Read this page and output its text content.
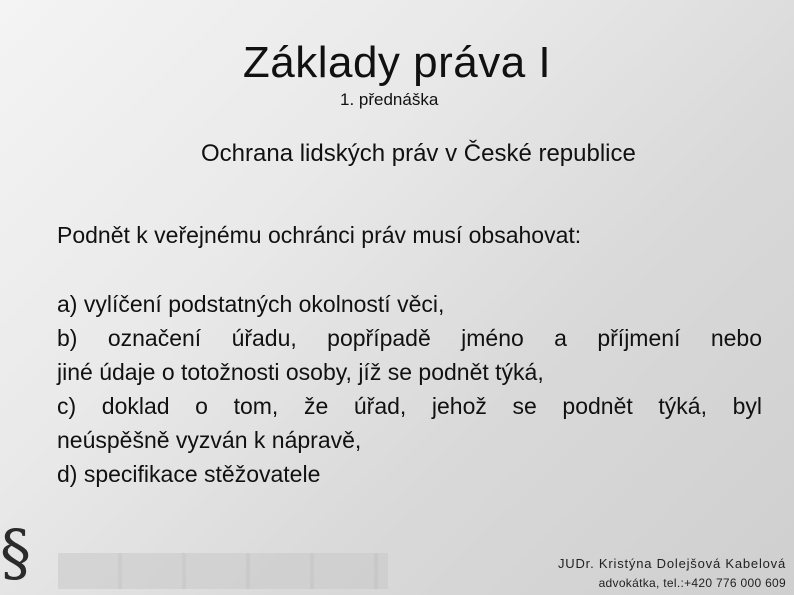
Základy práva I
1. přednáška
Ochrana lidských práv v České republice
Podnět k veřejnému ochránci práv musí obsahovat:
a) vylíčení podstatných okolností věci,
b) označení úřadu, popřípadě jméno a příjmení nebo
jiné údaje o totožnosti osoby, jíž se podnět týká,
c) doklad o tom, že úřad, jehož se podnět týká, byl
neúspěšně vyzván k nápravě,
d) specifikace stěžovatele
§	JUDr. Kristýna Dolejšová Kabelová
advokátka, tel.:+420 776 000 609
